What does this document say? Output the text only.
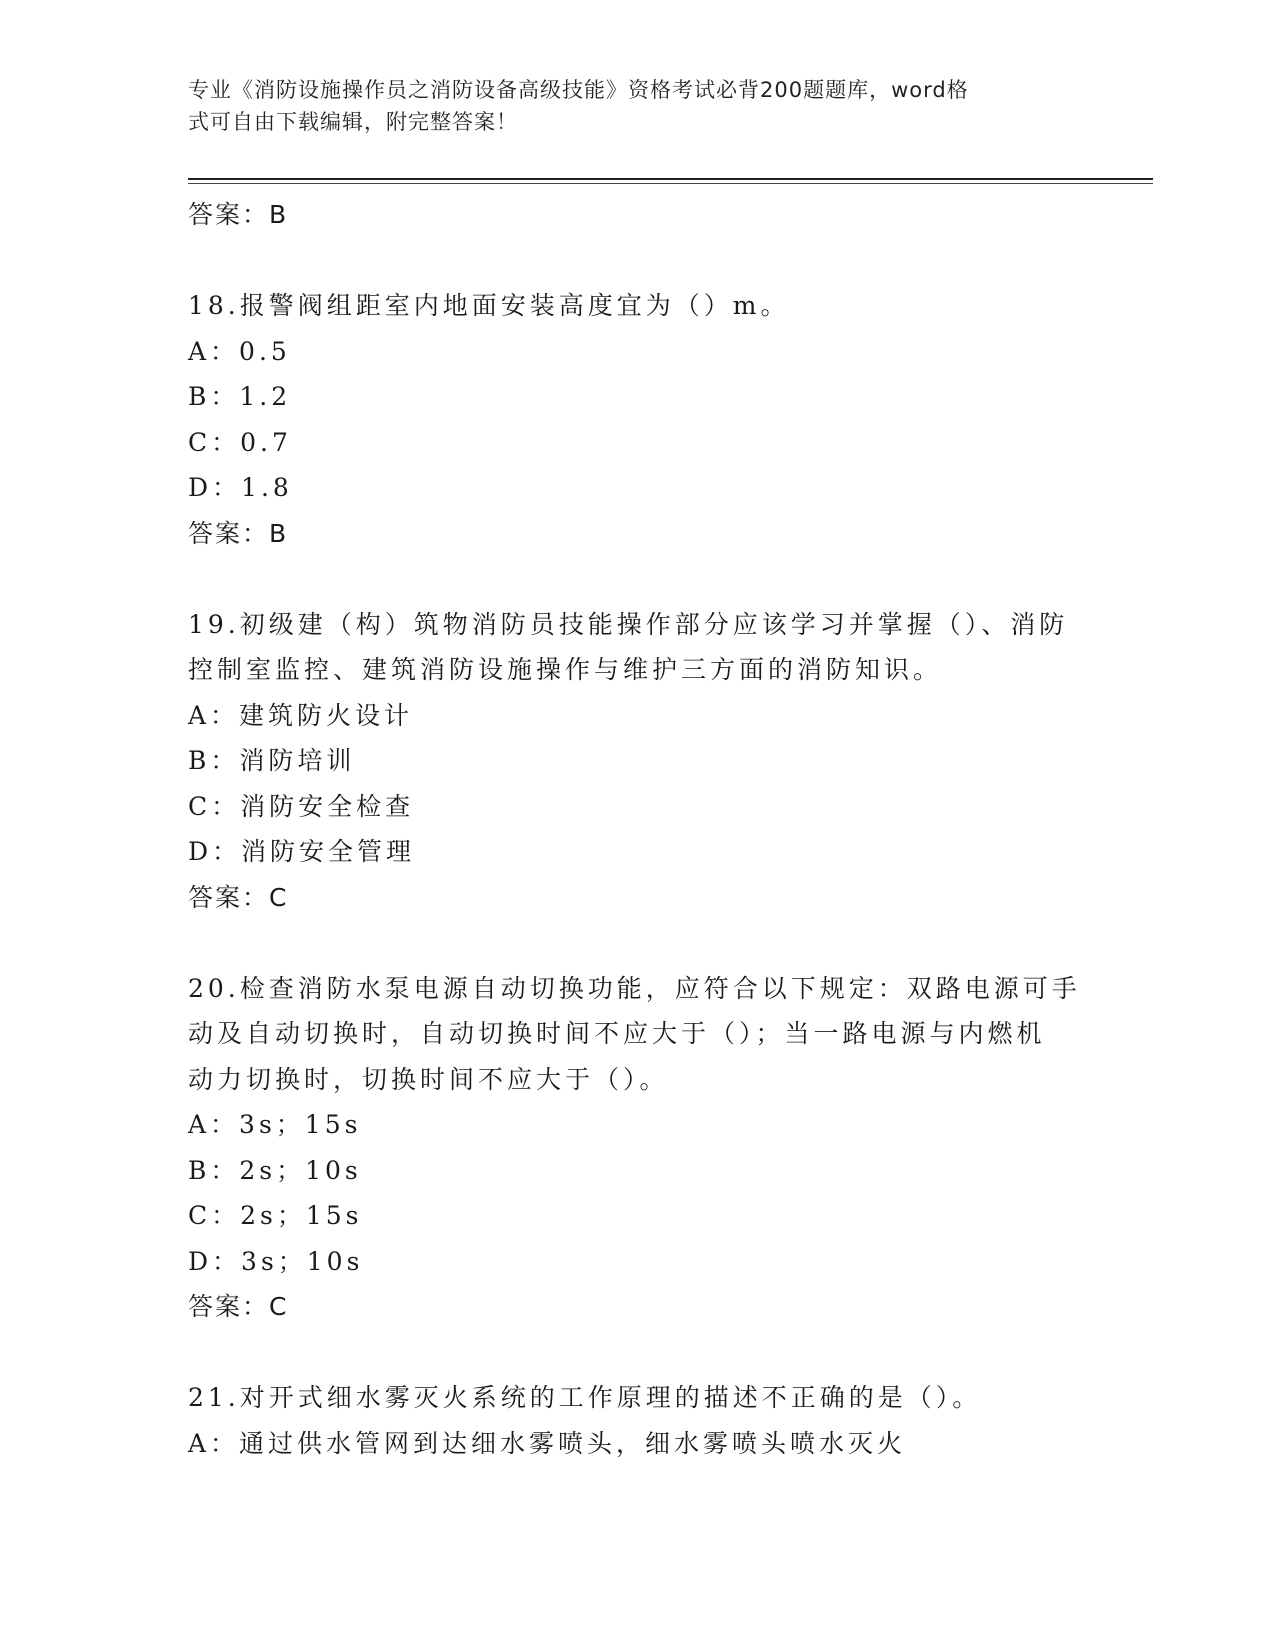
专业《消防设施操作员之消防设备高级技能》资格考试必背200题题库，word格
式可自由下载编辑，附完整答案！
答案：B
18.报警阀组距室内地面安装高度宜为（）m。
A：0.5
B：1.2
C：0.7
D：1.8
答案：B
19.初级建（构）筑物消防员技能操作部分应该学习并掌握（）、消防
控制室监控、建筑消防设施操作与维护三方面的消防知识。
A：建筑防火设计
B：消防培训
C：消防安全检查
D：消防安全管理
答案：C
20.检查消防水泵电源自动切换功能，应符合以下规定：双路电源可手
动及自动切换时，自动切换时间不应大于（）；当一路电源与内燃机
动力切换时，切换时间不应大于（）。
A：3s；15s
B：2s；10s
C：2s；15s
D：3s；10s
答案：C
21.对开式细水雾灭火系统的工作原理的描述不正确的是（）。
A：通过供水管网到达细水雾喷头，细水雾喷头喷水灭火
